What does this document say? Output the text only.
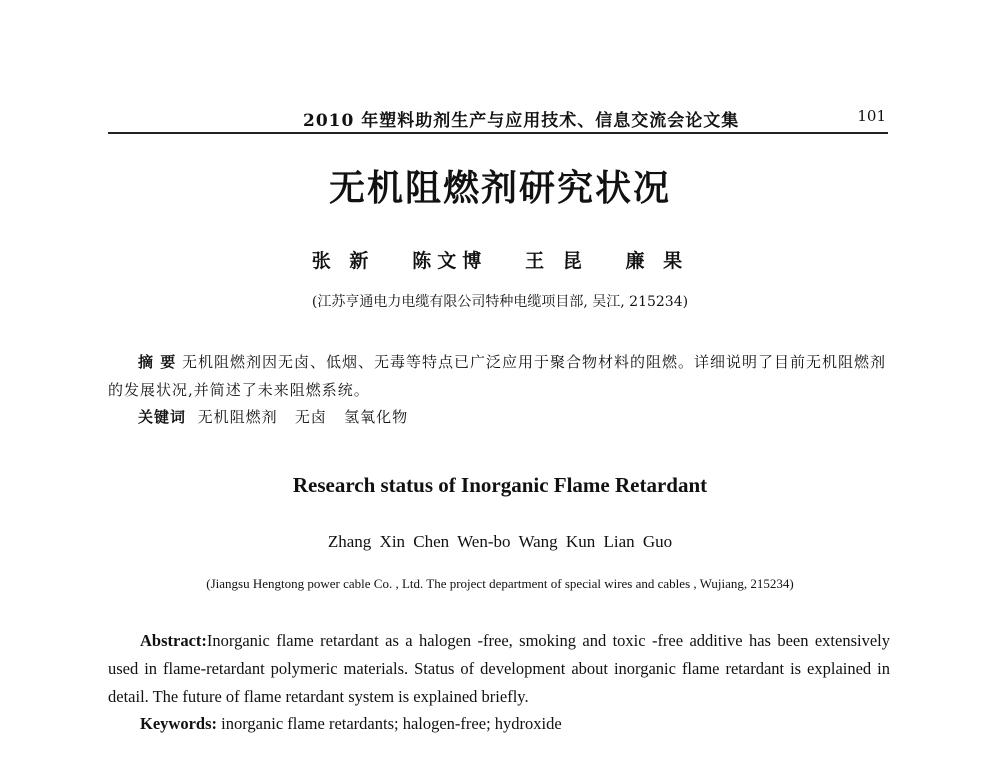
2010 年塑料助剂生产与应用技术、信息交流会论文集	101
无机阻燃剂研究状况
张 新   陈文博   王 昆   廉 果
(江苏亨通电力电缆有限公司特种电缆项目部, 吴江, 215234)
摘 要 无机阻燃剂因无卤、低烟、无毒等特点已广泛应用于聚合物材料的阻燃。详细说明了目前无机阻燃剂的发展状况,并简述了未来阻燃系统。
关键词 无机阻燃剂   无卤   氢氧化物
Research status of Inorganic Flame Retardant
Zhang Xin Chen Wen-bo Wang Kun Lian Guo
(Jiangsu Hengtong power cable Co. , Ltd. The project department of special wires and cables , Wujiang, 215234)
Abstract:Inorganic flame retardant as a halogen -free, smoking and toxic -free additive has been extensively used in flame-retardant polymeric materials. Status of development about inorganic flame retardant is explained in detail. The future of flame retardant system is explained briefly.
Keywords: inorganic flame retardants; halogen-free; hydroxide
